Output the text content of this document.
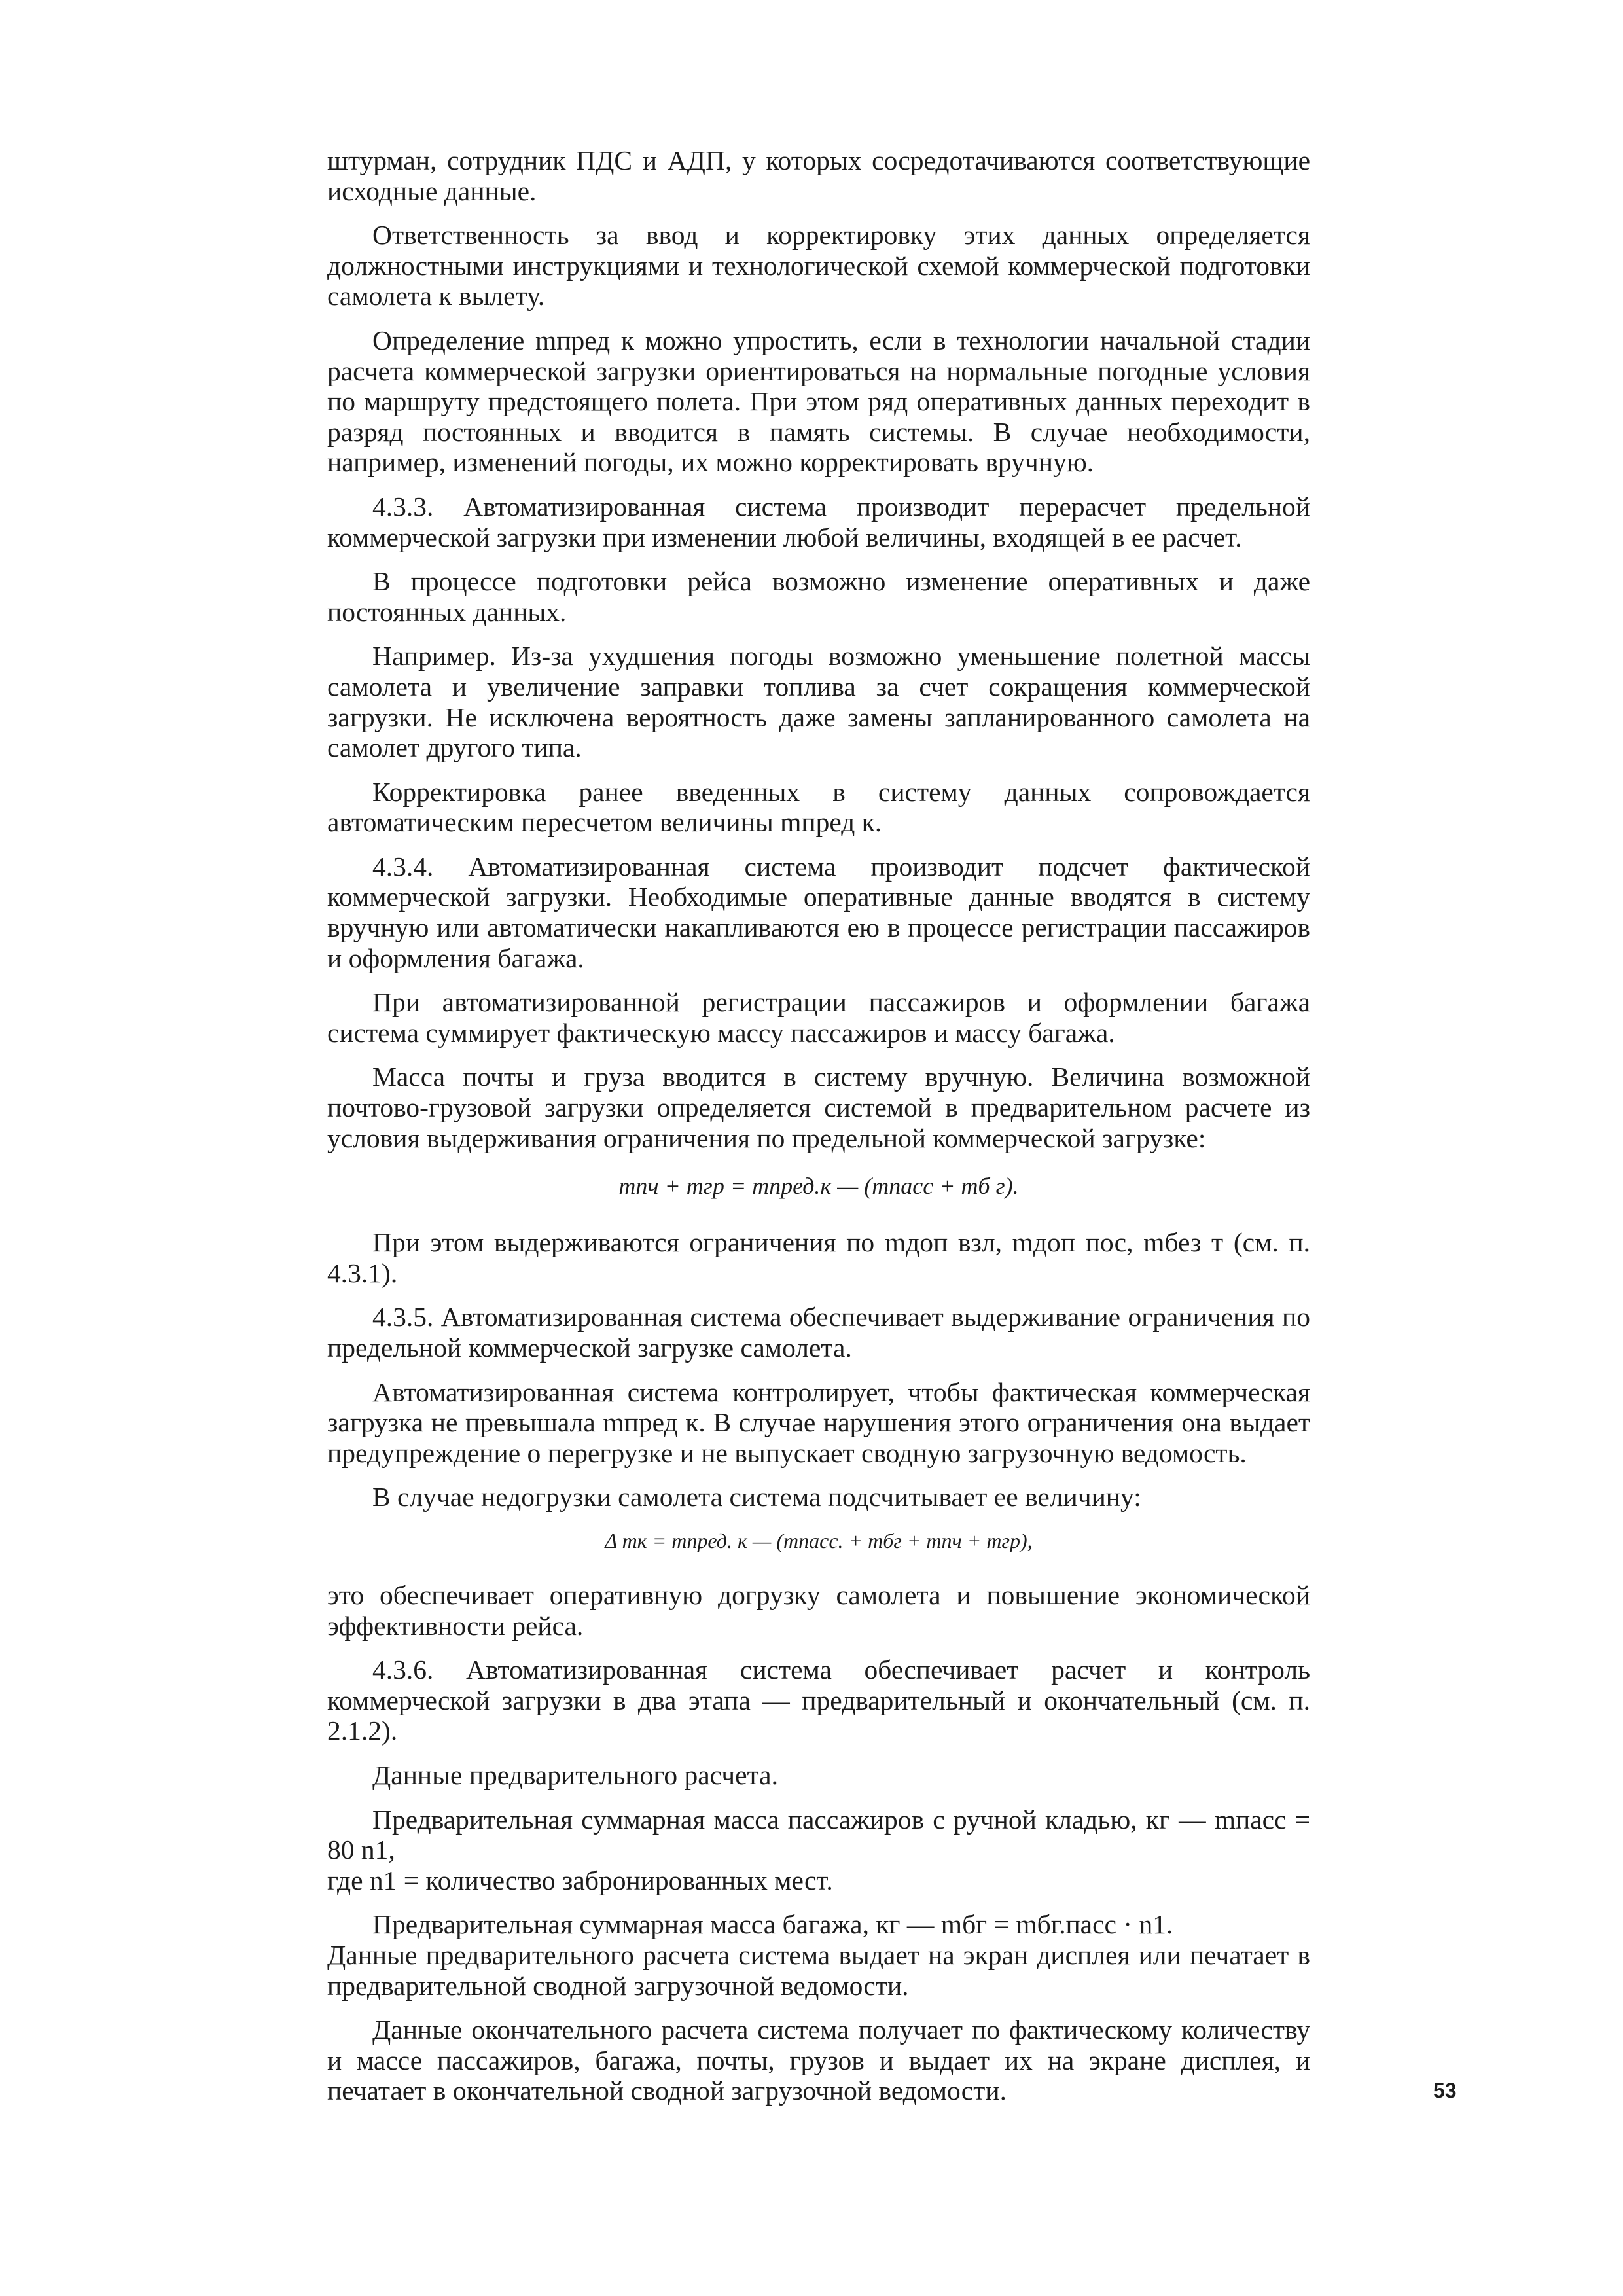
штурман, сотрудник ПДС и АДП, у которых сосредотачиваются соответствующие исходные данные.

Ответственность за ввод и корректировку этих данных определяется должностными инструкциями и технологической схемой коммерческой подготовки самолета к вылету.

Определение mпред к можно упростить, если в технологии начальной стадии расчета коммерческой загрузки ориентироваться на нормальные погодные условия по маршруту предстоящего полета. При этом ряд оперативных данных переходит в разряд постоянных и вводится в память системы. В случае необходимости, например, изменений погоды, их можно корректировать вручную.

4.3.3. Автоматизированная система производит перерасчет предельной коммерческой загрузки при изменении любой величины, входящей в ее расчет.

В процессе подготовки рейса возможно изменение оперативных и даже постоянных данных.

Например. Из-за ухудшения погоды возможно уменьшение полетной массы самолета и увеличение заправки топлива за счет сокращения коммерческой загрузки. Не исключена вероятность даже замены запланированного самолета на самолет другого типа.

Корректировка ранее введенных в систему данных сопровождается автоматическим пересчетом величины mпред к.

4.3.4. Автоматизированная система производит подсчет фактической коммерческой загрузки. Необходимые оперативные данные вводятся в систему вручную или автоматически накапливаются ею в процессе регистрации пассажиров и оформления багажа.

При автоматизированной регистрации пассажиров и оформлении багажа система суммирует фактическую массу пассажиров и массу багажа.

Масса почты и груза вводится в систему вручную. Величина возможной почтово-грузовой загрузки определяется системой в предварительном расчете из условия выдерживания ограничения по предельной коммерческой загрузке:

mпч + mгр = mпред.к — (mпасс + mб г).

При этом выдерживаются ограничения по mдоп взл, mдоп пос, mбез т (см. п. 4.3.1).

4.3.5. Автоматизированная система обеспечивает выдерживание ограничения по предельной коммерческой загрузке самолета.

Автоматизированная система контролирует, чтобы фактическая коммерческая загрузка не превышала mпред к. В случае нарушения этого ограничения она выдает предупреждение о перегрузке и не выпускает сводную загрузочную ведомость.

В случае недогрузки самолета система подсчитывает ее величину:

Δ mк = mпред. к — (mпасс. + mбг + mпч + mгр),

это обеспечивает оперативную догрузку самолета и повышение экономической эффективности рейса.

4.3.6. Автоматизированная система обеспечивает расчет и контроль коммерческой загрузки в два этапа — предварительный и окончательный (см. п. 2.1.2).

Данные предварительного расчета.

Предварительная суммарная масса пассажиров с ручной кладью, кг — mпасс = 80 n1,

где n1 = количество забронированных мест.

Предварительная суммарная масса багажа, кг — mбг = mбг.пасс · n1.

Данные предварительного расчета система выдает на экран дисплея или печатает в предварительной сводной загрузочной ведомости.

Данные окончательного расчета система получает по фактическому количеству и массе пассажиров, багажа, почты, грузов и выдает их на экране дисплея, и печатает в окончательной сводной загрузочной ведомости.	53
